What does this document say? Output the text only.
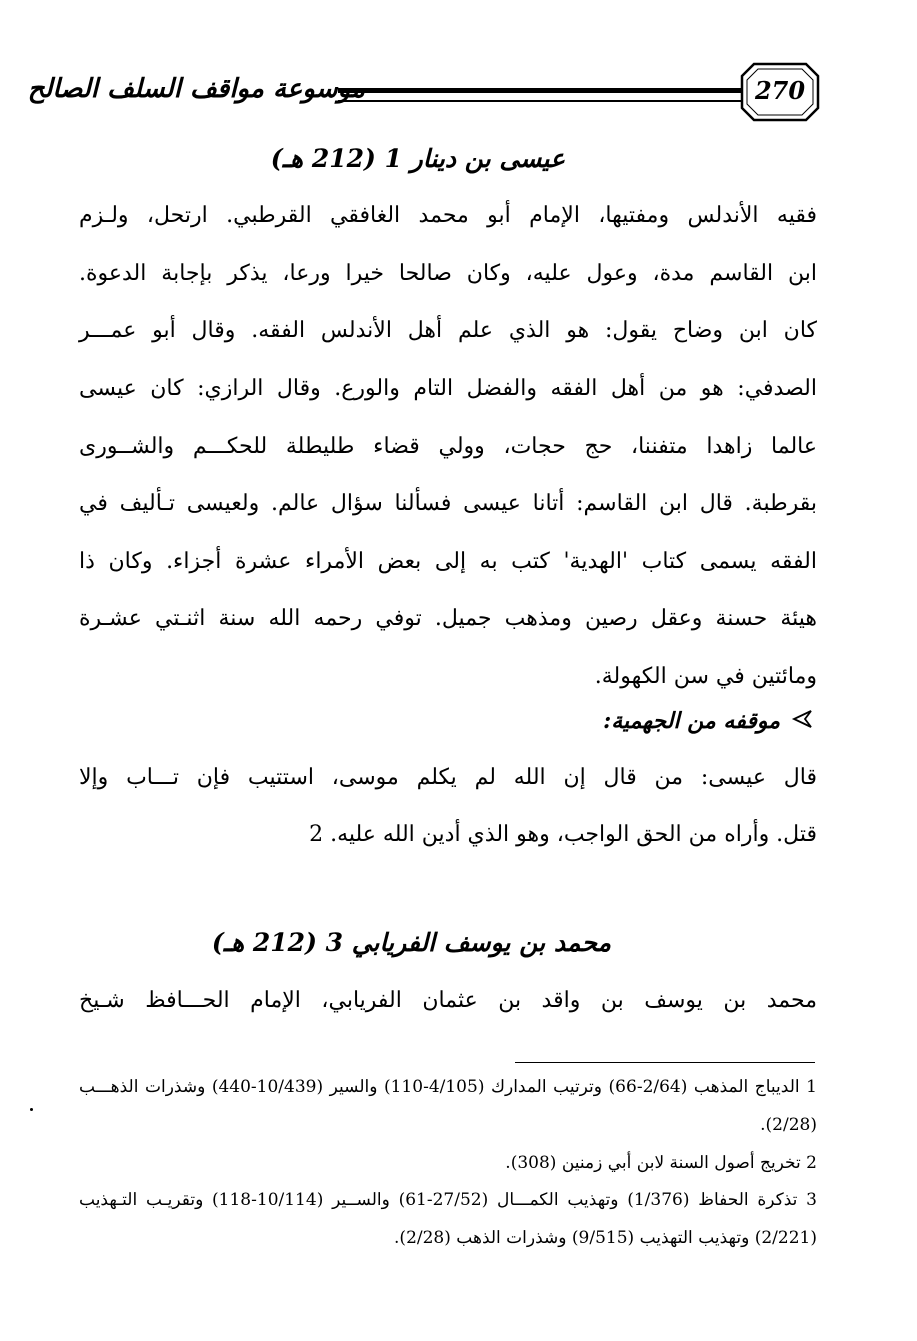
موسوعة مواقف السلف الصالح	270
عيسى بن دينار 1 (212 هـ)
فقيه الأندلس ومفتيها، الإمام أبو محمد الغافقي القرطبي. ارتحل، ولـزم
ابن القاسم مدة، وعول عليه، وكان صالحا خيرا ورعا، يذكر بإجابة الدعوة.
كان ابن وضاح يقول: هو الذي علم أهل الأندلس الفقه. وقال أبو عمـــر
الصدفي: هو من أهل الفقه والفضل التام والورع. وقال الرازي: كان عيسى
عالما زاهدا متفننا، حج حجات، وولي قضاء طليطلة للحكـــم والشــورى
بقرطبة. قال ابن القاسم: أتانا عيسى فسألنا سؤال عالم. ولعيسى تـأليف في
الفقه يسمى كتاب 'الهدية' كتب به إلى بعض الأمراء عشرة أجزاء. وكان ذا
هيئة حسنة وعقل رصين ومذهب جميل. توفي رحمه الله سنة اثنـتي عشـرة
ومائتين في سن الكهولة.
موقفه من الجهمية:
قال عيسى: من قال إن الله لم يكلم موسى، استتيب فإن تـــاب وإلا
قتل. وأراه من الحق الواجب، وهو الذي أدين الله عليه. 2
محمد بن يوسف الفريابي 3 (212 هـ)
محمد بن يوسف بن واقد بن عثمان الفريابي، الإمام الحـــافظ شـيخ
1 الديباج المذهب (2/64-66) وترتيب المدارك (4/105-110) والسير (10/439-440) وشذرات الذهـــب
(2/28).
2 تخريج أصول السنة لابن أبي زمنين (308).
3 تذكرة الحفاظ (1/376) وتهذيب الكمـــال (27/52-61) والســير (10/114-118) وتقريـب التـهذيب
(2/221) وتهذيب التهذيب (9/515) وشذرات الذهب (2/28).
